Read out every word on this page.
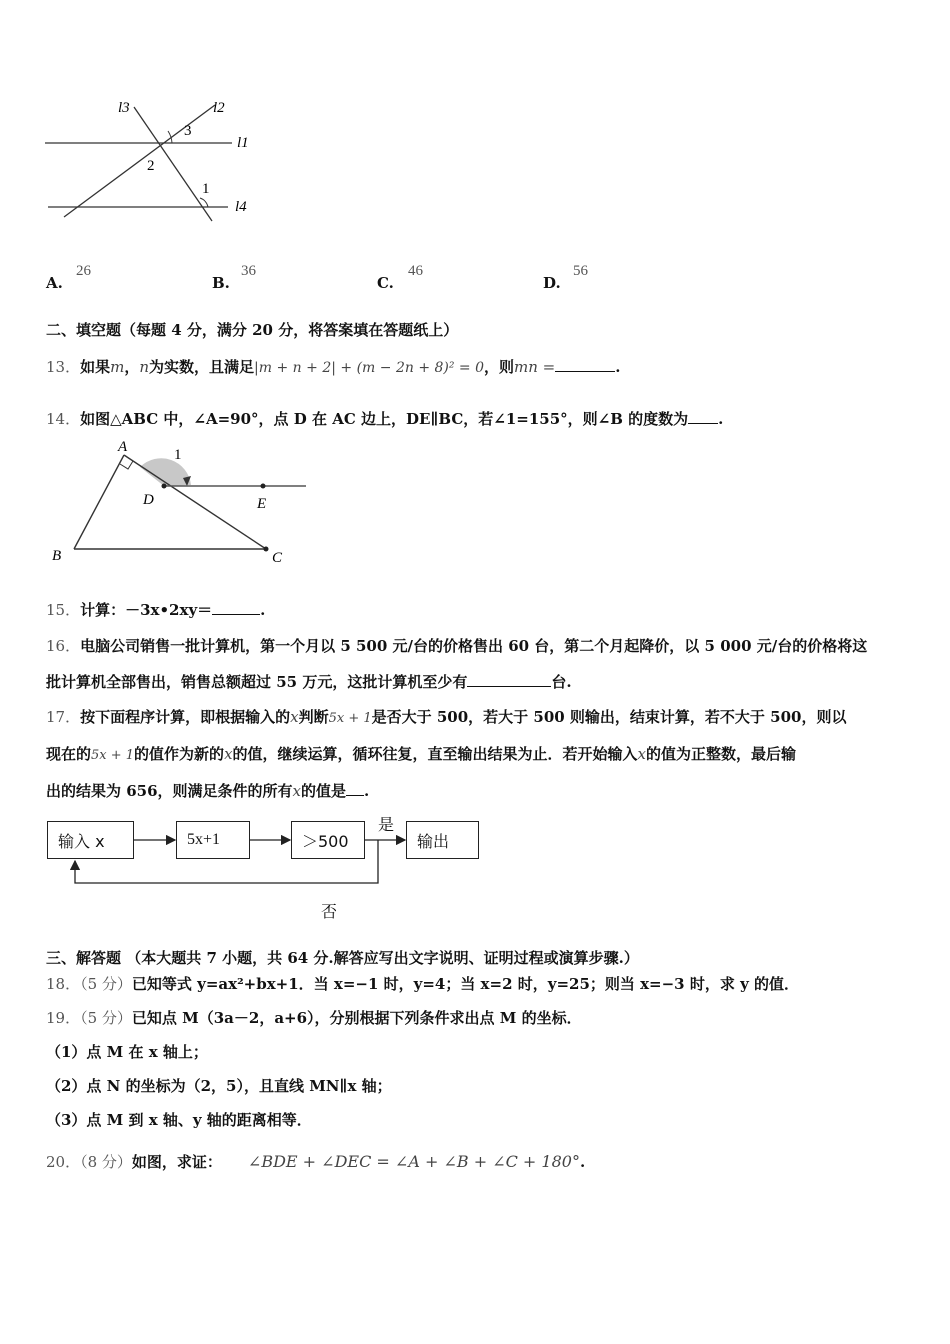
l3	l2
l1
l4
3
2
1
A.
26
B.
36
C.
46
D.
56
二、填空题（每题 4 分，满分 20 分，将答案填在答题纸上）
13．如果m，n为实数，且满足|m + n + 2| + (m − 2n + 8)² = 0，则mn =	.
14．如图△ABC 中，∠A=90°，点 D 在 AC 边上，DE∥BC，若∠1=155°，则∠B 的度数为 .
A	1
D	E
B	C
15．计算：－3x•2xy＝	.
16．电脑公司销售一批计算机，第一个月以 5 500 元/台的价格售出 60 台，第二个月起降价，以 5 000 元/台的价格将这
批计算机全部售出，销售总额超过 55 万元，这批计算机至少有	台.
17．按下面程序计算，即根据输入的x判断5x + 1是否大于 500，若大于 500 则输出，结束计算，若不大于 500，则以
现在的5x + 1的值作为新的x的值，继续运算，循环往复，直至输出结果为止．若开始输入x的值为正整数，最后输
出的结果为 656，则满足条件的所有x的值是 .
输入 x	5x+1	＞500	输出
是
否
三、解答题 （本大题共 7 小题，共 64 分.解答应写出文字说明、证明过程或演算步骤.）
18．（5 分）已知等式 y=ax²+bx+1．当 x=−1 时，y=4；当 x=2 时，y=25；则当 x=−3 时，求 y 的值．
19．（5 分）已知点 M（3a－2，a+6），分别根据下列条件求出点 M 的坐标．
（1）点 M 在 x 轴上；
（2）点 N 的坐标为（2，5），且直线 MN∥x 轴；
（3）点 M 到 x 轴、y 轴的距离相等．
20．（8 分）如图，求证： ∠BDE + ∠DEC = ∠A + ∠B + ∠C + 180°.
